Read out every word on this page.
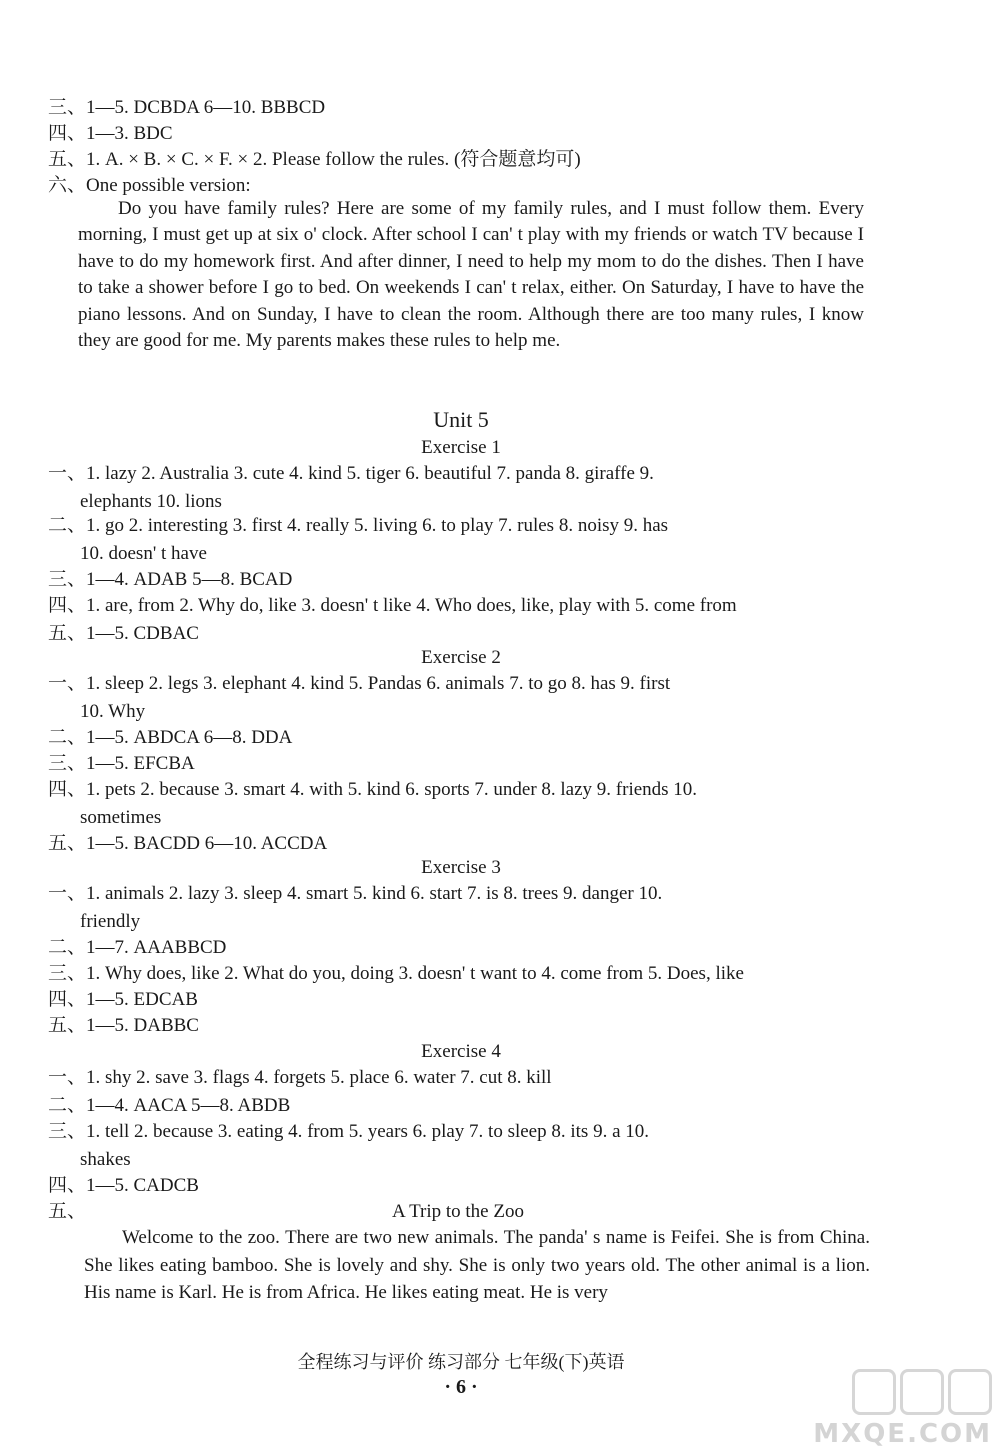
三、1—5. DCBDA 6—10. BBBCD
四、1—3. BDC
五、1. A. × B. × C. × F. × 2. Please follow the rules. (符合题意均可)
六、One possible version:
Do you have family rules? Here are some of my family rules, and I must follow them. Every morning, I must get up at six o' clock. After school I can' t play with my friends or watch TV because I have to do my homework first. And after dinner, I need to help my mom to do the dishes. Then I have to take a shower before I go to bed. On weekends I can' t relax, either. On Saturday, I have to have the piano lessons. And on Sunday, I have to clean the room. Although there are too many rules, I know they are good for me. My parents makes these rules to help me.
Unit 5
Exercise 1
一、1. lazy 2. Australia 3. cute 4. kind 5. tiger 6. beautiful 7. panda 8. giraffe 9.
elephants 10. lions
二、1. go 2. interesting 3. first 4. really 5. living 6. to play 7. rules 8. noisy 9. has
10. doesn' t have
三、1—4. ADAB 5—8. BCAD
四、1. are, from 2. Why do, like 3. doesn' t like 4. Who does, like, play with 5. come from
五、1—5. CDBAC
Exercise 2
一、1. sleep 2. legs 3. elephant 4. kind 5. Pandas 6. animals 7. to go 8. has 9. first
10. Why
二、1—5. ABDCA 6—8. DDA
三、1—5. EFCBA
四、1. pets 2. because 3. smart 4. with 5. kind 6. sports 7. under 8. lazy 9. friends 10.
sometimes
五、1—5. BACDD 6—10. ACCDA
Exercise 3
一、1. animals 2. lazy 3. sleep 4. smart 5. kind 6. start 7. is 8. trees 9. danger 10.
friendly
二、1—7. AAABBCD
三、1. Why does, like 2. What do you, doing 3. doesn' t want to 4. come from 5. Does, like
四、1—5. EDCAB
五、1—5. DABBC
Exercise 4
一、1. shy 2. save 3. flags 4. forgets 5. place 6. water 7. cut 8. kill
二、1—4. AACA 5—8. ABDB
三、1. tell 2. because 3. eating 4. from 5. years 6. play 7. to sleep 8. its 9. a 10.
shakes
四、1—5. CADCB
五、	A Trip to the Zoo
Welcome to the zoo. There are two new animals. The panda' s name is Feifei. She is from China. She likes eating bamboo. She is lovely and shy. She is only two years old. The other animal is a lion. His name is Karl. He is from Africa. He likes eating meat. He is very
全程练习与评价 练习部分 七年级(下)英语
· 6 ·
MXQE.COM
